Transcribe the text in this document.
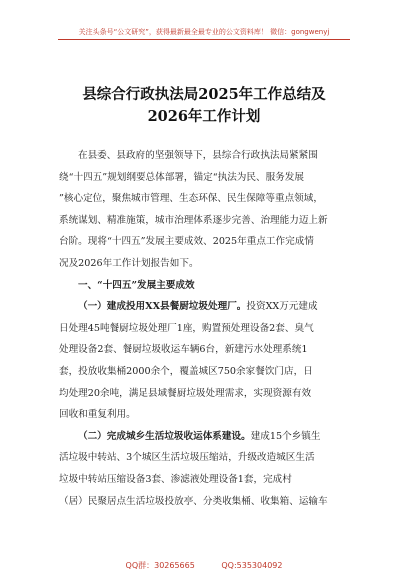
关注头条号“公文研究”，获得最新最全最专业的公文资料库！ 微信：gongwenyj
县综合行政执法局2025年工作总结及
2026年工作计划
在县委、县政府的坚强领导下，县综合行政执法局紧紧围
绕“十四五”规划纲要总体部署，锚定“执法为民、服务发展
”核心定位，聚焦城市管理、生态环保、民生保障等重点领域，
系统谋划、精准施策，城市治理体系逐步完善、治理能力迈上新
台阶。现将“十四五”发展主要成效、2025年重点工作完成情
况及2026年工作计划报告如下。
一、“十四五”发展主要成效
（一）建成投用XX县餐厨垃圾处理厂。投资XX万元建成
日处理45吨餐厨垃圾处理厂1座，购置预处理设备2套、臭气
处理设备2套、餐厨垃圾收运车辆6台，新建污水处理系统1
套，投放收集桶2000余个，覆盖城区750余家餐饮门店，日
均处理20余吨，满足县域餐厨垃圾处理需求，实现资源有效
回收和重复利用。
（二）完成城乡生活垃圾收运体系建设。建成15个乡镇生
活垃圾中转站、3个城区生活垃圾压缩站，升级改造城区生活
垃圾中转站压缩设备3套、渗滤液处理设备1套，完成村
（居）民聚居点生活垃圾投放亭、分类收集桶、收集箱、运输车
QQ群：30265665	QQ:535304092
